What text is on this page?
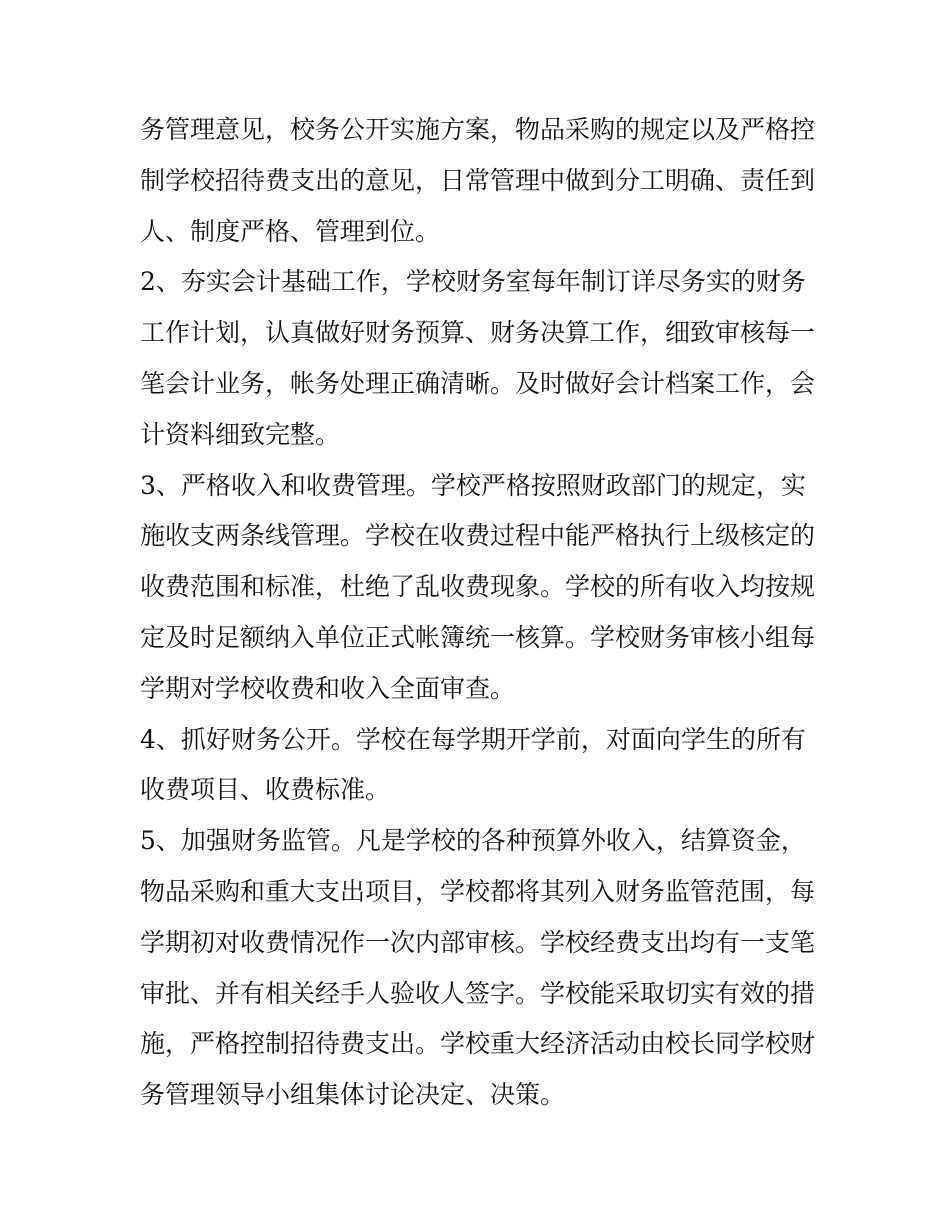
务管理意见，校务公开实施方案，物品采购的规定以及严格控
制学校招待费支出的意见，日常管理中做到分工明确、责任到
人、制度严格、管理到位。
2、夯实会计基础工作，学校财务室每年制订详尽务实的财务
工作计划，认真做好财务预算、财务决算工作，细致审核每一
笔会计业务，帐务处理正确清晰。及时做好会计档案工作，会
计资料细致完整。
3、严格收入和收费管理。学校严格按照财政部门的规定，实
施收支两条线管理。学校在收费过程中能严格执行上级核定的
收费范围和标准，杜绝了乱收费现象。学校的所有收入均按规
定及时足额纳入单位正式帐簿统一核算。学校财务审核小组每
学期对学校收费和收入全面审查。
4、抓好财务公开。学校在每学期开学前，对面向学生的所有
收费项目、收费标准。
5、加强财务监管。凡是学校的各种预算外收入，结算资金，
物品采购和重大支出项目，学校都将其列入财务监管范围，每
学期初对收费情况作一次内部审核。学校经费支出均有一支笔
审批、并有相关经手人验收人签字。学校能采取切实有效的措
施，严格控制招待费支出。学校重大经济活动由校长同学校财
务管理领导小组集体讨论决定、决策。
